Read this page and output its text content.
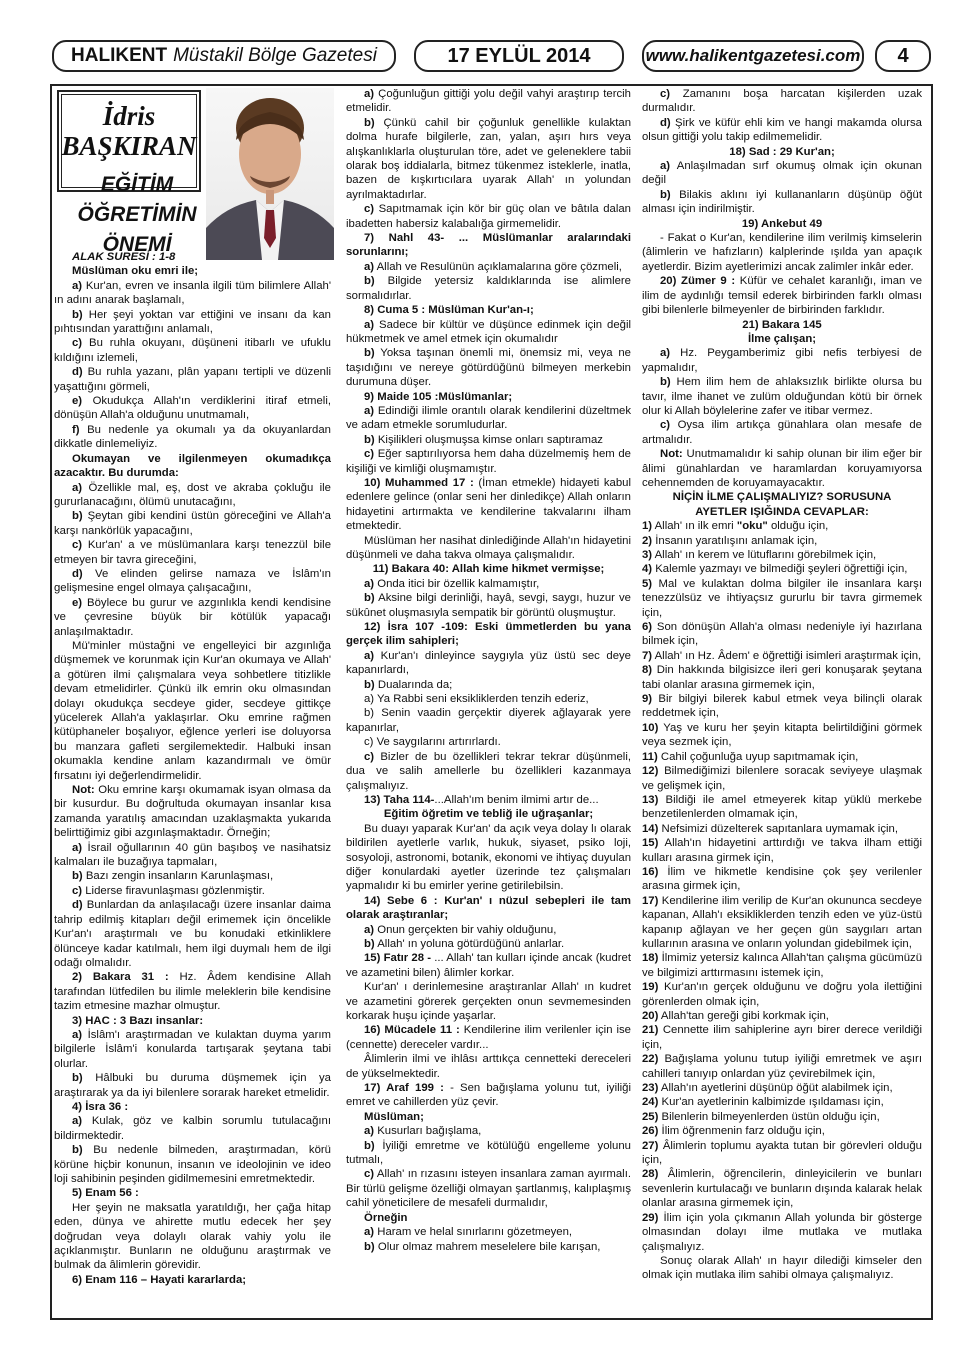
HALIKENT Müstakil Bölge Gazetesi	17 EYLÜL 2014	www.halikentgazetesi.com	4
İdris
BAŞKIRAN
EĞİTİM
ÖĞRETİMİN
ÖNEMİ

ALAK SURESİ : 1-8

Müslüman oku emri ile;

a) Kur'an, evren ve insanla ilgili tüm bilimlere Allah' ın adını anarak başlamalı,

b) Her şeyi yoktan var ettiğini ve insanı da kan pıhtısından yarattığını anlamalı,

c) Bu ruhla okuyanı, düşüneni itibarlı ve ufuklu kıldığını izlemeli,

d) Bu ruhla yazanı, plân yapanı tertipli ve düzenli yaşattığını görmeli,

e) Okudukça Allah'ın verdiklerini itiraf etmeli, dönüşün Allah'a olduğunu unutmamalı,

f) Bu nedenle ya okumalı ya da okuyanlardan dikkatle dinlemeliyiz.

Okumayan ve ilgilenmeyen okumadıkça azacaktır. Bu durumda:

a) Özellikle mal, eş, dost ve akraba çokluğu ile gururlanacağını, ölümü unutacağını,

b) Şeytan gibi kendini üstün göreceğini ve Allah'a karşı nankörlük yapacağını,

c) Kur'an' a ve müslümanlara karşı tenezzül bile etmeyen bir tavra gireceğini,

d) Ve elinden gelirse namaza ve İslâm'ın gelişmesine engel olmaya çalışacağını,

e) Böylece bu gurur ve azgınlıkla kendi kendisine ve çevresine büyük bir kötülük yapacağı anlaşılmaktadır.

Mü'minler müstağni ve engelleyici bir azgınlığa düşmemek ve korunmak için Kur'an okumaya ve Allah' a götüren ilmi çalışmalara veya sohbetlere titizlikle devam etmelidirler. Çünkü ilk emrin oku olmasından dolayı okudukça secdeye gider, secdeye gittikçe yücelerek Allah'a yaklaşırlar. Oku emrine rağmen kütüphaneler boşalıyor, eğlence yerleri ise doluyorsa bu manzara gafleti sergilemektedir. Halbuki insan okumakla kendine anlam kazandırmalı ve ömür fırsatını iyi değerlendirmelidir.

Not: Oku emrine karşı okumamak isyan olmasa da bir kusurdur. Bu doğrultuda okumayan insanlar kısa zamanda yaratılış amacından uzaklaşmakta yukarıda belirttiğimiz gibi azgınlaşmaktadır. Örneğin;

a) İsrail oğullarının 40 gün başıboş ve nasihatsiz kalmaları ile buzağıya tapmaları,

b) Bazı zengin insanların Karunlaşması,

c) Liderse firavunlaşması gözlenmiştir.

d) Bunlardan da anlaşılacağı üzere insanlar daima tahrip edilmiş kitapları değil erimemek için öncelikle Kur'an'ı araştırmalı ve bu konudaki etkinliklere ölünceye kadar katılmalı, hem ilgi duymalı hem de ilgi odağı olmalıdır.

2) Bakara 31 : Hz. Âdem kendisine Allah tarafından lütfedilen bu ilimle meleklerin bile kendisine tazim etmesine mazhar olmuştur.

3) HAC : 3 Bazı insanlar:

a) İslâm'ı araştırmadan ve kulaktan duyma yarım bilgilerle İslâm'i konularda tartışarak şeytana tabi olurlar.

b) Hâlbuki bu duruma düşmemek için ya araştırarak ya da iyi bilenlere sorarak hareket etmelidir.

4) İsra 36 :

a) Kulak, göz ve kalbin sorumlu tutulacağını bildirmektedir.

b) Bu nedenle bilmeden, araştırmadan, körü körüne hiçbir konunun, insanın ve ideolojinin ve ideo loji sahibinin peşinden gidilmemesini emretmektedir.

5) Enam 56 :

Her şeyin ne maksatla yaratıldığı, her çağa hitap eden, dünya ve ahirette mutlu edecek her şey doğrudan veya dolaylı olarak vahiy yolu ile açıklanmıştır. Bunların ne olduğunu araştırmak ve bulmak da âlimlerin görevidir.

6) Enam 116 – Hayati kararlarda;

a) Çoğunluğun gittiği yolu değil vahyi araştırıp tercih etmelidir.

b) Çünkü cahil bir çoğunluk genellikle kulaktan dolma hurafe bilgilerle, zan, yalan, aşırı hırs veya alışkanlıklarla oluşturulan töre, adet ve geleneklere tabii olarak boş iddialarla, bitmez tükenmez isteklerle, inatla, bazen de kışkırtıcılara uyarak Allah' ın yolundan ayrılmaktadırlar.

c) Sapıtmamak için kör bir güç olan ve bâtıla dalan ibadetten habersiz kalabalığa girmemelidir.

7) Nahl 43- ... Müslümanlar aralarındaki sorunlarını;

a) Allah ve Resulünün açıklamalarına göre çözmeli,

b) Bilgide yetersiz kaldıklarında ise alimlere sormalıdırlar.

8) Cuma 5 : Müslüman Kur'an-ı;

a) Sadece bir kültür ve düşünce edinmek için değil hükmetmek ve amel etmek için okumalıdır

b) Yoksa taşınan önemli mi, önemsiz mi, veya ne taşıdığını ve nereye götürdüğünü bilmeyen merkebin durumuna düşer.

9) Maide 105 :Müslümanlar;

a) Edindiği ilimle orantılı olarak kendilerini düzeltmek ve adam etmekle sorumludurlar.

b) Kişilikleri oluşmuşsa kimse onları saptıramaz

c) Eğer saptırılıyorsa hem daha düzelmemiş hem de kişiliği ve kimliği oluşmamıştır.

10) Muhammed 17 : (İman etmekle) hidayeti kabul edenlere gelince (onlar seni her dinledikçe) Allah onların hidayetini artırmakta ve kendilerine takvalarını ilham etmektedir.

Müslüman her nasihat dinlediğinde Allah'ın hidayetini düşünmeli ve daha takva olmaya çalışmalıdır.

11) Bakara 40: Allah kime hikmet vermişse;

a) Onda itici bir özellik kalmamıştır,

b) Aksine bilgi derinliği, hayâ, sevgi, saygı, huzur ve sükûnet oluşmasıyla sempatik bir görüntü oluşmuştur.

12) İsra 107 -109: Eski ümmetlerden bu yana gerçek ilim sahipleri;

a) Kur'an'ı dinleyince saygıyla yüz üstü sec deye kapanırlardı,

b) Dualarında da;

a) Ya Rabbi seni eksikliklerden tenzih ederiz,

b) Senin vaadin gerçektir diyerek ağlayarak yere kapanırlar,

c) Ve saygılarını artırırlardı.

c) Bizler de bu özellikleri tekrar tekrar düşünmeli, dua ve salih amellerle bu özellikleri kazanmaya çalışmalıyız.

13) Taha 114-...Allah'ım benim ilmimi artır de...

Eğitim öğretim ve tebliğ ile uğraşanlar;

Bu duayı yaparak Kur'an' da açık veya dolay lı olarak bildirilen ayetlerle varlık, hukuk, siyaset, psiko loji, sosyoloji, astronomi, botanik, ekonomi ve ihtiyaç duyulan diğer konulardaki ayetler üzerinde tez çalışmaları yapmalıdır ki bu emirler yerine getirilebilsin.

14) Sebe 6 : Kur'an' ı nüzul sebepleri ile tam olarak araştıranlar;

a) Onun gerçekten bir vahiy olduğunu,

b) Allah' ın yoluna götürdüğünü anlarlar.

15) Fatır 28 - ... Allah' tan kulları içinde ancak (kudret ve azametini bilen) âlimler korkar.

Kur'an' ı derinlemesine araştıranlar Allah' ın kudret ve azametini görerek gerçekten onun sevmemesinden korkarak huşu içinde yaşarlar.

16) Mücadele 11 : Kendilerine ilim verilenler için ise (cennette) dereceler vardır...

Âlimlerin ilmi ve ihlâsı arttıkça cennetteki dereceleri de yükselmektedir.

17) Araf 199 : - Sen bağışlama yolunu tut, iyiliği emret ve cahillerden yüz çevir.

Müslüman;

a) Kusurları bağışlama,

b) İyiliği emretme ve kötülüğü engelleme yolunu tutmalı,

c) Allah' ın rızasını isteyen insanlara zaman ayırmalı. Bir türlü gelişme özelliği olmayan şartlanmış, kalıplaşmış cahil yöneticilere de mesafeli durmalıdır,

Örneğin

a) Haram ve helal sınırlarını gözetmeyen,

b) Olur olmaz mahrem meselelere bile karışan,

c) Zamanını boşa harcatan kişilerden uzak durmalıdır.

d) Şirk ve küfür ehli kim ve hangi makamda olursa olsun gittiği yolu takip edilmemelidir.

18) Sad : 29 Kur'an;

a) Anlaşılmadan sırf okumuş olmak için okunan değil

b) Bilakis aklını iyi kullananların düşünüp öğüt alması için indirilmiştir.

19) Ankebut 49

- Fakat o Kur'an, kendilerine ilim verilmiş kimselerin (âlimlerin ve hafızların) kalplerinde ışılda yan apaçık ayetlerdir. Bizim ayetlerimizi ancak zalimler inkâr eder.

20) Zümer 9 : Küfür ve cehalet karanlığı, iman ve ilim de aydınlığı temsil ederek birbirinden farklı olması gibi bilenlerle bilmeyenler de birbirinden farklıdır.

21) Bakara 145

İlme çalışan;

a) Hz. Peygamberimiz gibi nefis terbiyesi de yapmalıdır,

b) Hem ilim hem de ahlaksızlık birlikte olursa bu tavır, ilme ihanet ve zulüm olduğundan kötü bir örnek olur ki Allah böylelerine zafer ve itibar vermez.

c) Oysa ilim artıkça günahlara olan mesafe de artmalıdır.

Not: Unutmamalıdır ki sahip olunan bir ilim eğer bir âlimi günahlardan ve haramlardan koruyamıyorsa cehennemden de koruyamayacaktır.

NİÇİN İLME ÇALIŞMALIYIZ? SORUSUNA

AYETLER IŞIĞINDA CEVAPLAR:

1) Allah' ın ilk emri "oku" olduğu için,

2) İnsanın yaratılışını anlamak için,

3) Allah' ın kerem ve lütuflarını görebilmek için,

4) Kalemle yazmayı ve bilmediği şeyleri öğrettiği için,

5) Mal ve kulaktan dolma bilgiler ile insanlara karşı tenezzülsüz ve ihtiyaçsız gururlu bir tavra girmemek için,

6) Son dönüşün Allah'a olması nedeniyle iyi hazırlana bilmek için,

7) Allah' ın Hz. Âdem' e öğrettiği isimleri araştırmak için,

8) Din hakkında bilgisizce ileri geri konuşarak şeytana tabi olanlar arasına girmemek için,

9) Bir bilgiyi bilerek kabul etmek veya bilinçli olarak reddetmek için,

10) Yaş ve kuru her şeyin kitapta belirtildiğini görmek veya sezmek için,

11) Cahil çoğunluğa uyup sapıtmamak için,

12) Bilmediğimizi bilenlere soracak seviyeye ulaşmak ve gelişmek için,

13) Bildiği ile amel etmeyerek kitap yüklü merkebe benzetilenlerden olmamak için,

14) Nefsimizi düzelterek sapıtanlara uymamak için,

15) Allah'ın hidayetini arttırdığı ve takva ilham ettiği kulları arasına girmek için,

16) İlim ve hikmetle kendisine çok şey verilenler arasına girmek için,

17) Kendilerine ilim verilip de Kur'an okununca secdeye kapanan, Allah'ı eksikliklerden tenzih eden ve yüz-üstü kapanıp ağlayan ve her geçen gün saygıları artan kullarının arasına ve onların yolundan gidebilmek için,

18) İlmimiz yetersiz kalınca Allah'tan çalışma gücümüzü ve bilgimizi arttırmasını istemek için,

19) Kur'an'ın gerçek olduğunu ve doğru yola ilettiğini görenlerden olmak için,

20) Allah'tan gereği gibi korkmak için,

21) Cennette ilim sahiplerine ayrı birer derece verildiği için,

22) Bağışlama yolunu tutup iyiliği emretmek ve aşırı cahilleri tanıyıp onlardan yüz çevirebilmek için,

23) Allah'ın ayetlerini düşünüp öğüt alabilmek için,

24) Kur'an ayetlerinin kalbimizde ışıldaması için,

25) Bilenlerin bilmeyenlerden üstün olduğu için,

26) İlim öğrenmenin farz olduğu için,

27) Âlimlerin toplumu ayakta tutan bir görevleri olduğu için,

28) Âlimlerin, öğrencilerin, dinleyicilerin ve bunları sevenlerin kurtulacağı ve bunların dışında kalarak helak olanlar arasına girmemek için,

29) İlim için yola çıkmanın Allah yolunda bir gösterge olmasından dolayı ilme mutlaka ve mutlaka çalışmalıyız.

Sonuç olarak Allah' ın hayır dilediği kimseler den olmak için mutlaka ilim sahibi olmaya çalışmalıyız.
